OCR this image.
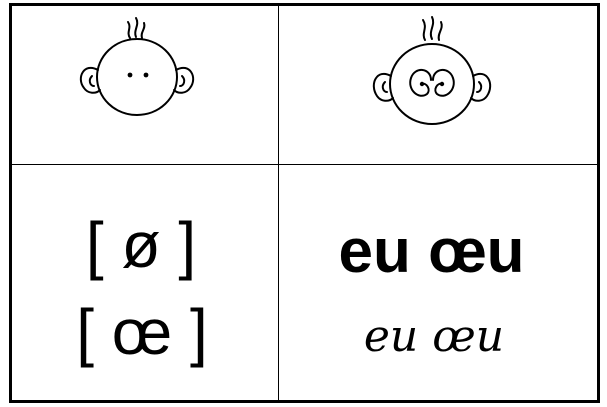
[ ø ]
[ œ ]
eu œu
eu œu
